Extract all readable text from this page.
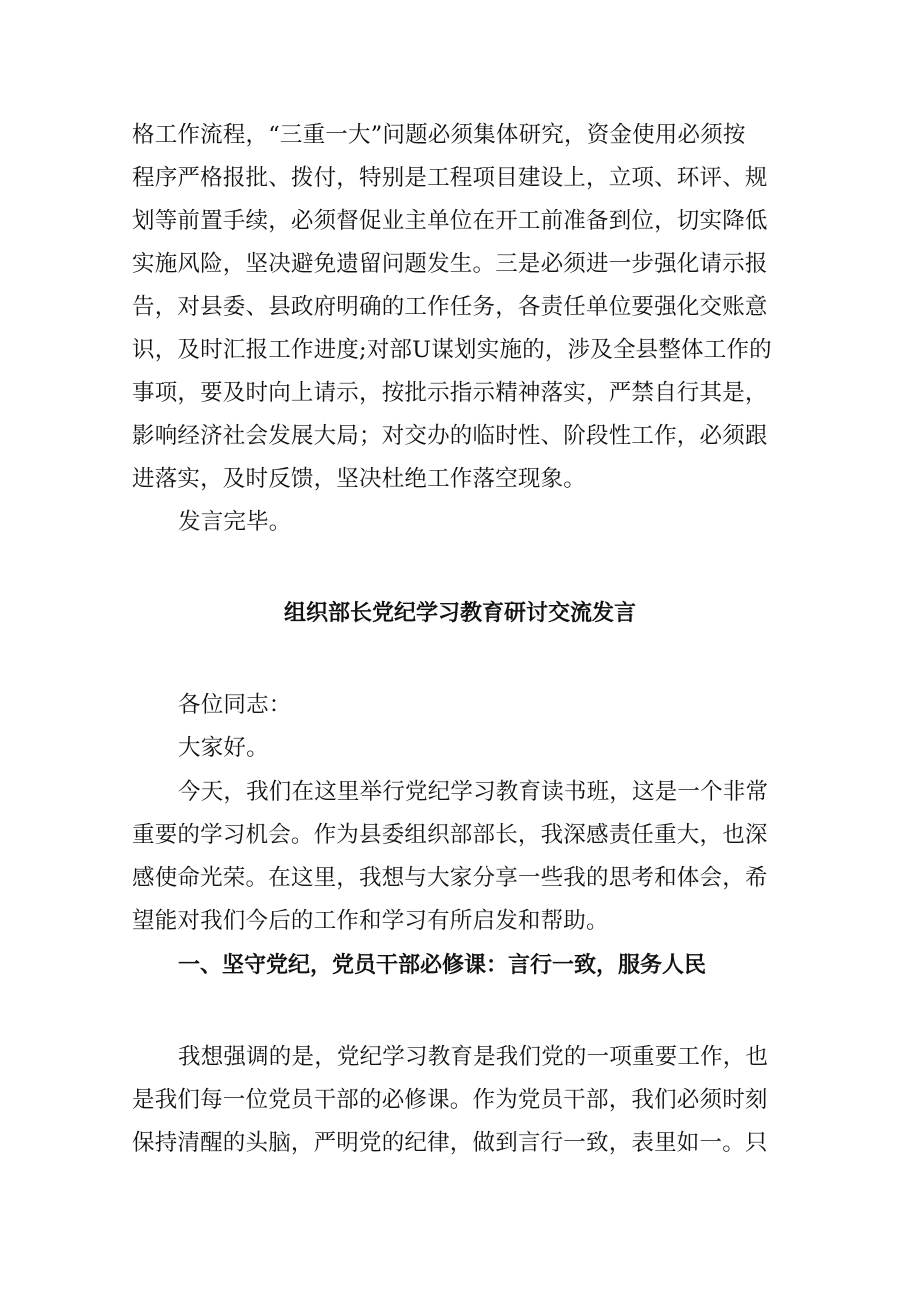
格工作流程，“三重一大”问题必须集体研究，资金使用必须按
程序严格报批、拨付，特别是工程项目建设上，立项、环评、规
划等前置手续，必须督促业主单位在开工前准备到位，切实降低
实施风险，坚决避免遗留问题发生。三是必须进一步强化请示报
告，对县委、县政府明确的工作任务，各责任单位要强化交账意
识，及时汇报工作进度;对部U谋划实施的，涉及全县整体工作的
事项，要及时向上请示，按批示指示精神落实，严禁自行其是，
影响经济社会发展大局；对交办的临时性、阶段性工作，必须跟
进落实，及时反馈，坚决杜绝工作落空现象。
发言完毕。
组织部长党纪学习教育研讨交流发言
各位同志：
大家好。
今天，我们在这里举行党纪学习教育读书班，这是一个非常
重要的学习机会。作为县委组织部部长，我深感责任重大，也深
感使命光荣。在这里，我想与大家分享一些我的思考和体会，希
望能对我们今后的工作和学习有所启发和帮助。
一、坚守党纪，党员干部必修课：言行一致，服务人民
我想强调的是，党纪学习教育是我们党的一项重要工作，也
是我们每一位党员干部的必修课。作为党员干部，我们必须时刻
保持清醒的头脑，严明党的纪律，做到言行一致，表里如一。只
